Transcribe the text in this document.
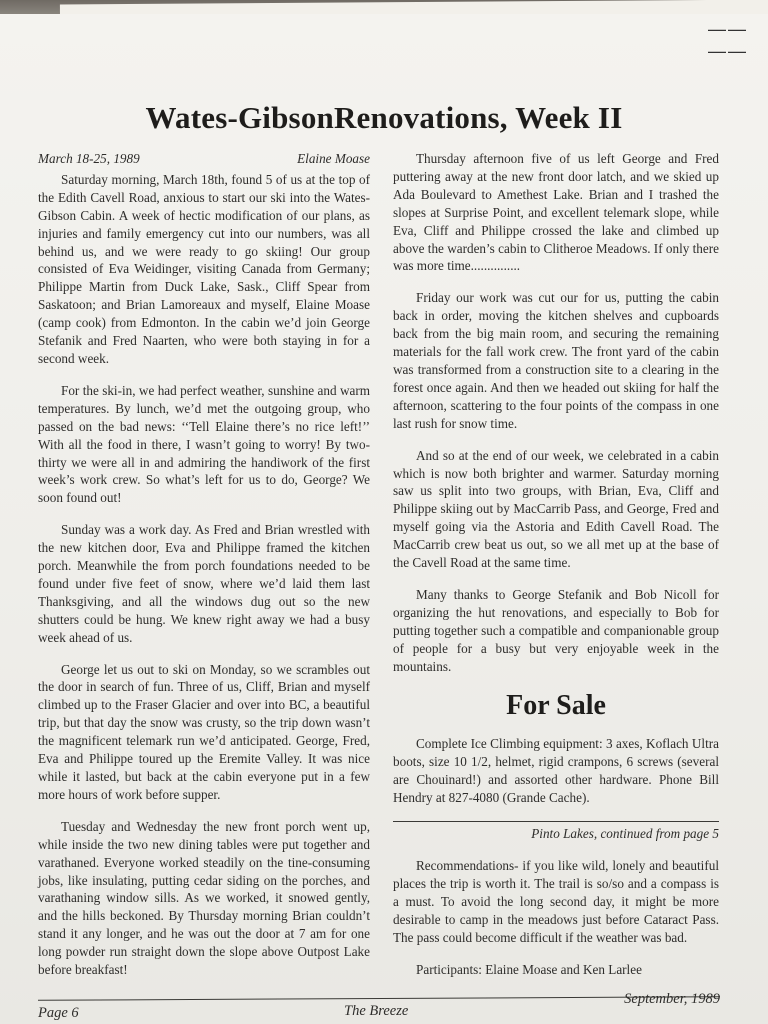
——
——
Wates-GibsonRenovations, Week II
March 18-25, 1989	Elaine Moase

Saturday morning, March 18th, found 5 of us at the top of the Edith Cavell Road, anxious to start our ski into the Wates-Gibson Cabin. A week of hectic modification of our plans, as injuries and family emergency cut into our numbers, was all behind us, and we were ready to go skiing! Our group consisted of Eva Weidinger, visiting Canada from Germany; Philippe Martin from Duck Lake, Sask., Cliff Spear from Saskatoon; and Brian Lamoreaux and myself, Elaine Moase (camp cook) from Edmonton. In the cabin we’d join George Stefanik and Fred Naarten, who were both staying in for a second week.

For the ski-in, we had perfect weather, sunshine and warm temperatures. By lunch, we’d met the outgoing group, who passed on the bad news: ‘‘Tell Elaine there’s no rice left!’’ With all the food in there, I wasn’t going to worry! By two-thirty we were all in and admiring the handiwork of the first week’s work crew. So what’s left for us to do, George? We soon found out!

Sunday was a work day. As Fred and Brian wrestled with the new kitchen door, Eva and Philippe framed the kitchen porch. Meanwhile the from porch foundations needed to be found under five feet of snow, where we’d laid them last Thanksgiving, and all the windows dug out so the new shutters could be hung. We knew right away we had a busy week ahead of us.

George let us out to ski on Monday, so we scrambles out the door in search of fun. Three of us, Cliff, Brian and myself climbed up to the Fraser Glacier and over into BC, a beautiful trip, but that day the snow was crusty, so the trip down wasn’t the magnificent telemark run we’d anticipated. George, Fred, Eva and Philippe toured up the Eremite Valley. It was nice while it lasted, but back at the cabin everyone put in a few more hours of work before supper.

Tuesday and Wednesday the new front porch went up, while inside the two new dining tables were put together and varathaned. Everyone worked steadily on the tine-consuming jobs, like insulating, putting cedar siding on the porches, and varathaning window sills. As we worked, it snowed gently, and the hills beckoned. By Thursday morning Brian couldn’t stand it any longer, and he was out the door at 7 am for one long powder run straight down the slope above Outpost Lake before breakfast!

Thursday afternoon five of us left George and Fred puttering away at the new front door latch, and we skied up Ada Boulevard to Amethest Lake. Brian and I trashed the slopes at Surprise Point, and excellent telemark slope, while Eva, Cliff and Philippe crossed the lake and climbed up above the warden’s cabin to Clitheroe Meadows. If only there was more time...............

Friday our work was cut our for us, putting the cabin back in order, moving the kitchen shelves and cupboards back from the big main room, and securing the remaining materials for the fall work crew. The front yard of the cabin was transformed from a construction site to a clearing in the forest once again. And then we headed out skiing for half the afternoon, scattering to the four points of the compass in one last rush for snow time.

And so at the end of our week, we celebrated in a cabin which is now both brighter and warmer. Saturday morning saw us split into two groups, with Brian, Eva, Cliff and Philippe skiing out by MacCarrib Pass, and George, Fred and myself going via the Astoria and Edith Cavell Road. The MacCarrib crew beat us out, so we all met up at the base of the Cavell Road at the same time.

Many thanks to George Stefanik and Bob Nicoll for organizing the hut renovations, and especially to Bob for putting together such a compatible and companionable group of people for a busy but very enjoyable week in the mountains.

For Sale

Complete Ice Climbing equipment: 3 axes, Koflach Ultra boots, size 10 1/2, helmet, rigid crampons, 6 screws (several are Chouinard!) and assorted other hardware. Phone Bill Hendry at 827-4080 (Grande Cache).

Pinto Lakes, continued from page 5

Recommendations- if you like wild, lonely and beautiful places the trip is worth it. The trail is so/so and a compass is a must. To avoid the long second day, it might be more desirable to camp in the meadows just before Cataract Pass. The pass could become difficult if the weather was bad.

Participants: Elaine Moase and Ken Larlee

Page 6	The Breeze
September, 1989
